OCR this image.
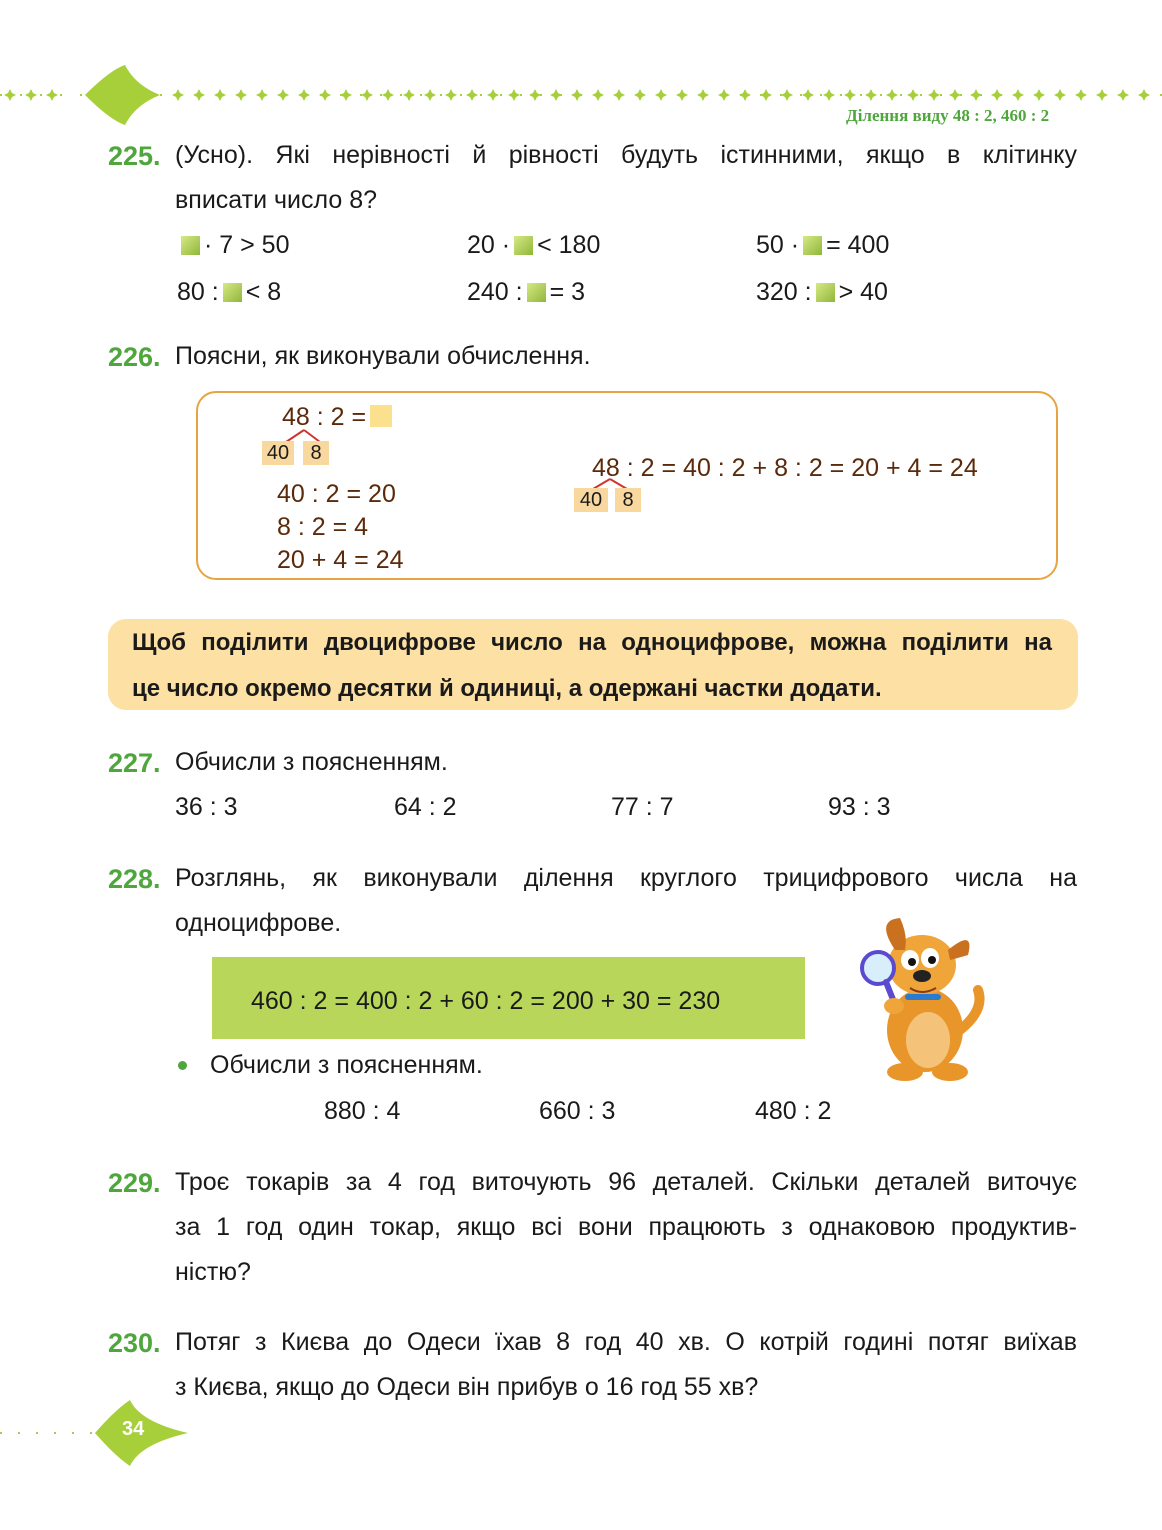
Ділення виду 48 : 2, 460 : 2
225. (Усно). Які нерівності й рівності будуть істинними, якщо в клітинку
вписати число 8?
· 7 > 50	20 · < 180	50 · = 400
80 : < 8	240 : = 3	320 : > 40
226. Поясни, як виконували обчислення.
48 : 2 =
40	8
40 : 2 = 20
8 : 2 = 4
20 + 4 = 24
48 : 2 = 40 : 2 + 8 : 2 = 20 + 4 = 24
40	8
Щоб поділити двоцифрове число на одноцифрове, можна поділити на
це число окремо десятки й одиниці, а одержані частки додати.
227. Обчисли з поясненням.
36 : 3	64 : 2	77 : 7	93 : 3
228. Розглянь, як виконували ділення круглого трицифрового числа на
одноцифрове.
460 : 2 = 400 : 2 + 60 : 2 = 200 + 30 = 230
Обчисли з поясненням.
880 : 4	660 : 3	480 : 2
229. Троє токарів за 4 год виточують 96 деталей. Скільки деталей виточує
за 1 год один токар, якщо всі вони працюють з однаковою продуктив-
ністю?
230. Потяг з Києва до Одеси їхав 8 год 40 хв. О котрій годині потяг виїхав
з Києва, якщо до Одеси він прибув о 16 год 55 хв?
34
